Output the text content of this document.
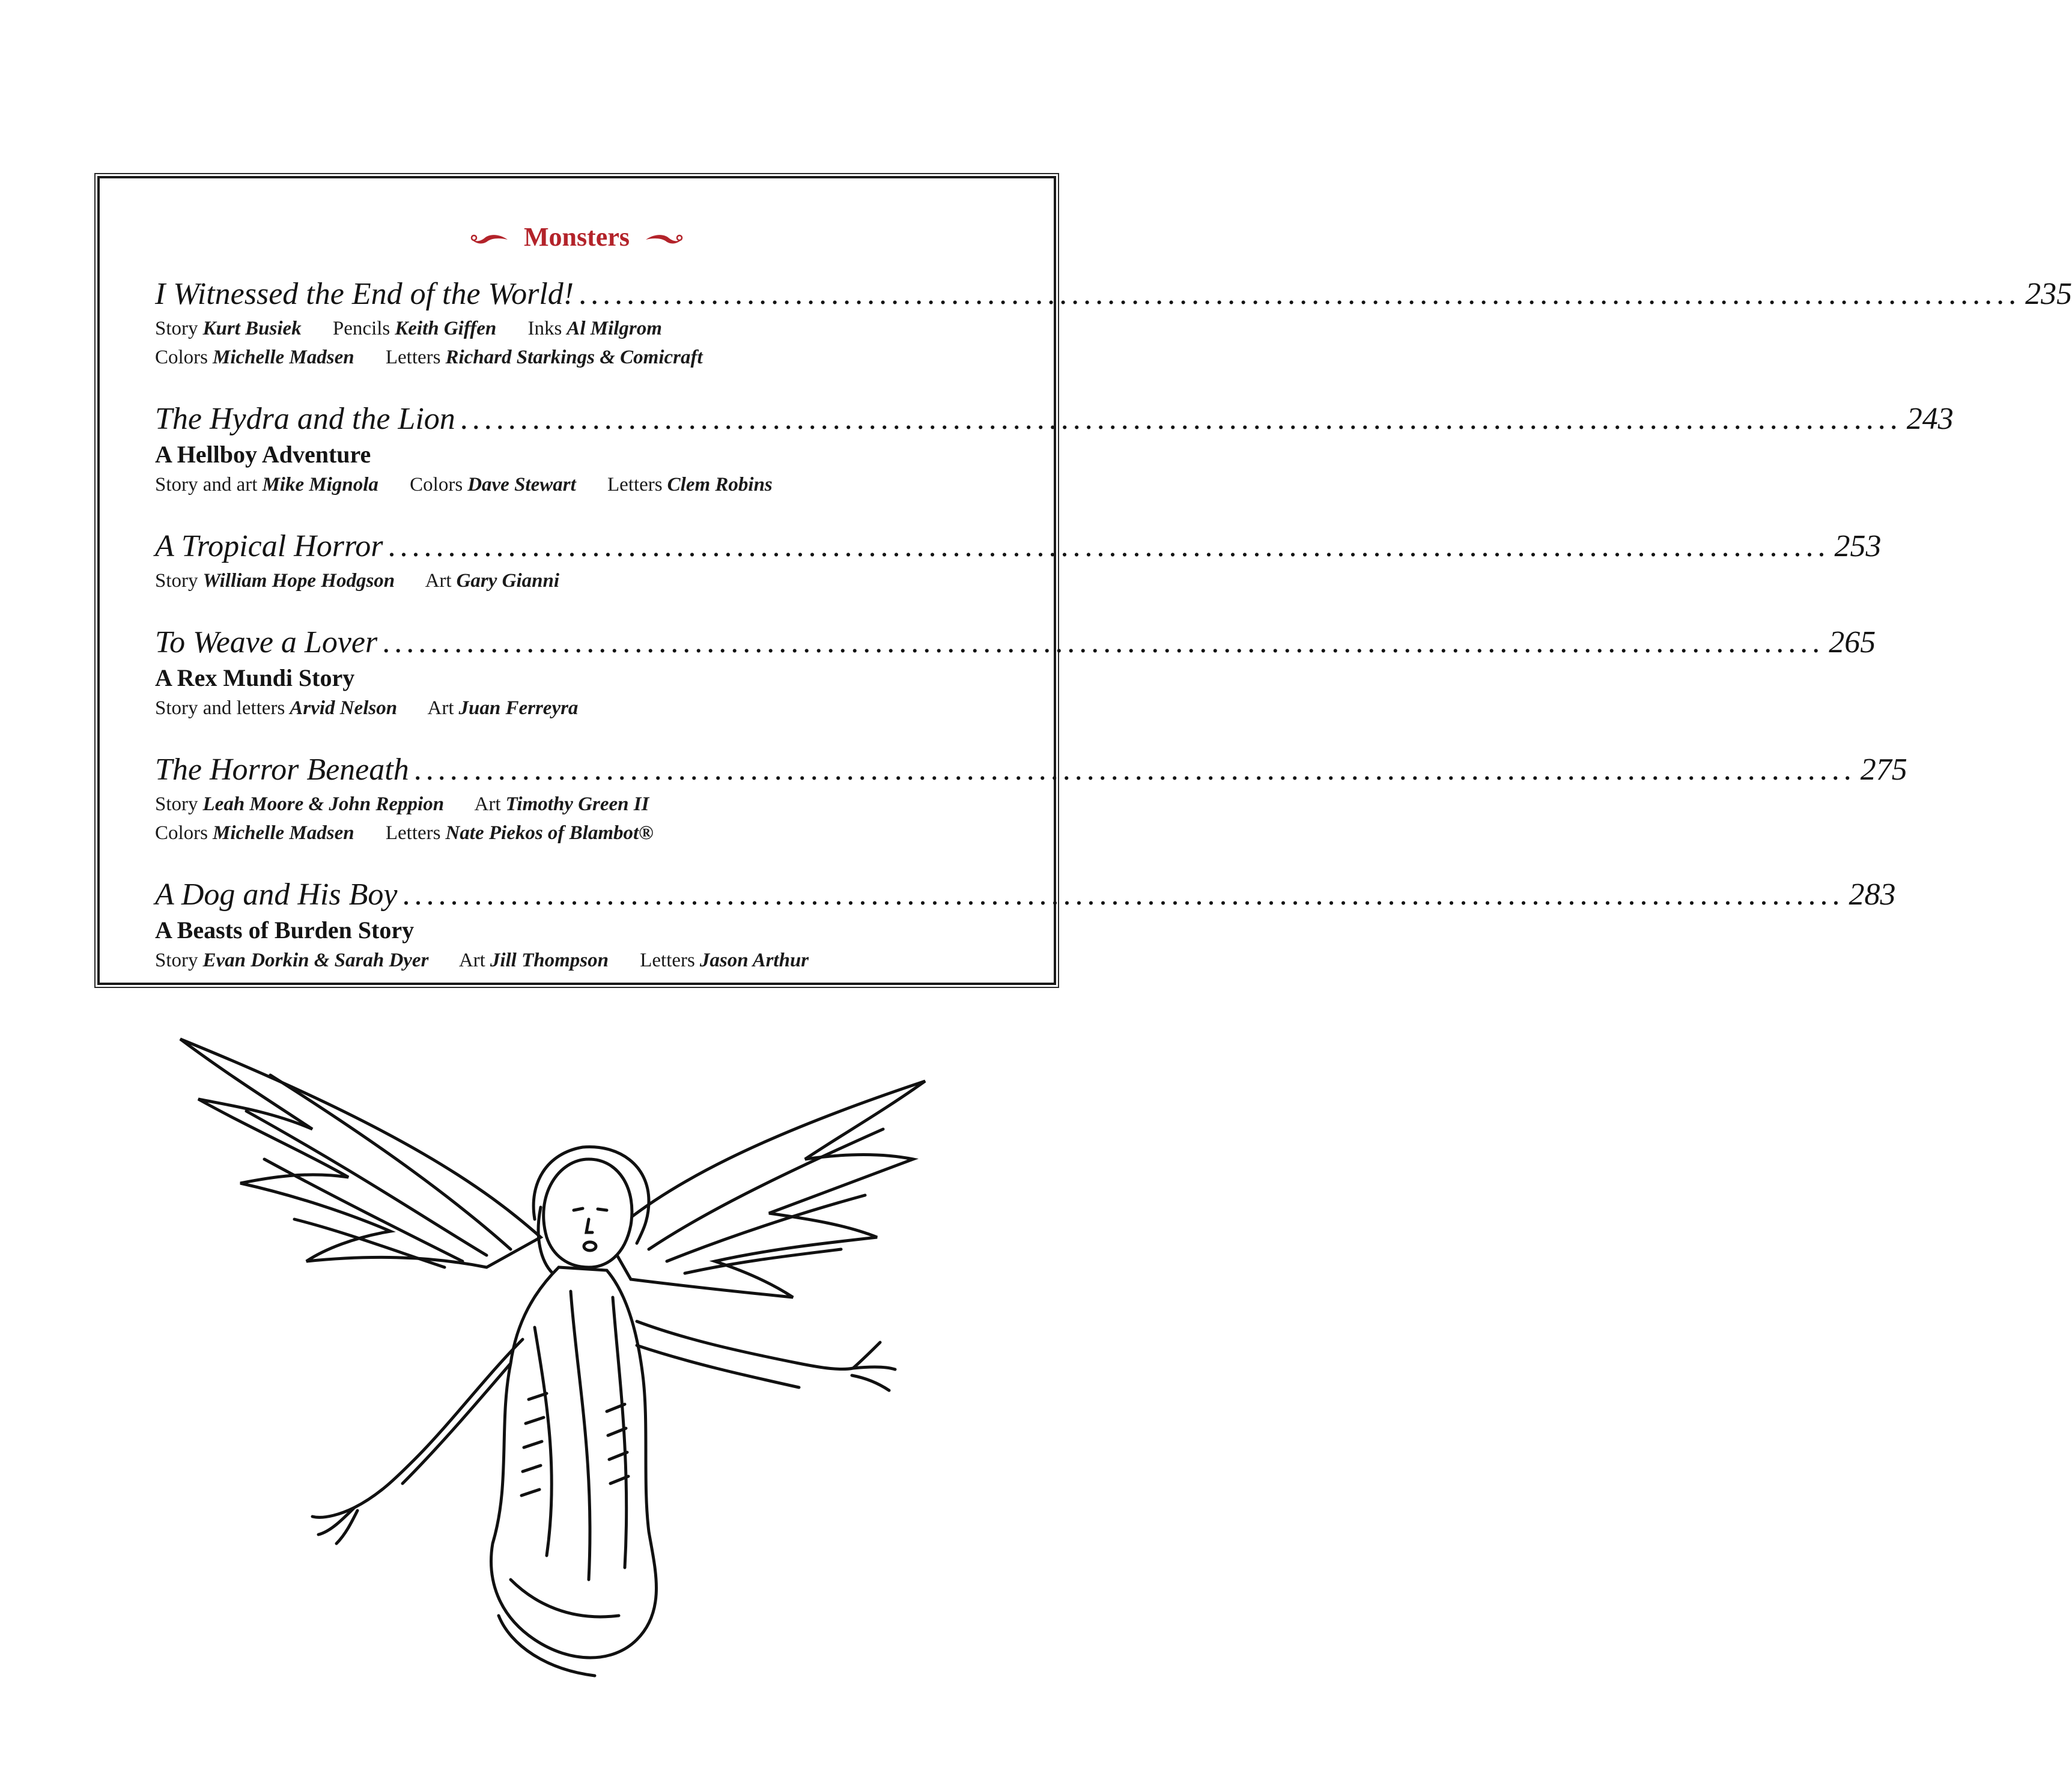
Monsters
I Witnessed the End of the World! ........................................................................................................................ 235
Story Kurt Busiek Pencils Keith Giffen Inks Al Milgrom
Colors Michelle Madsen Letters Richard Starkings & Comicraft
The Hydra and the Lion ........................................................................................................................ 243
A Hellboy Adventure
Story and art Mike Mignola Colors Dave Stewart Letters Clem Robins
A Tropical Horror ........................................................................................................................ 253
Story William Hope Hodgson Art Gary Gianni
To Weave a Lover ........................................................................................................................ 265
A Rex Mundi Story
Story and letters Arvid Nelson Art Juan Ferreyra
The Horror Beneath ........................................................................................................................ 275
Story Leah Moore & John Reppion Art Timothy Green II
Colors Michelle Madsen Letters Nate Piekos of Blambot®
A Dog and His Boy ........................................................................................................................ 283
A Beasts of Burden Story
Story Evan Dorkin & Sarah Dyer Art Jill Thompson Letters Jason Arthur
